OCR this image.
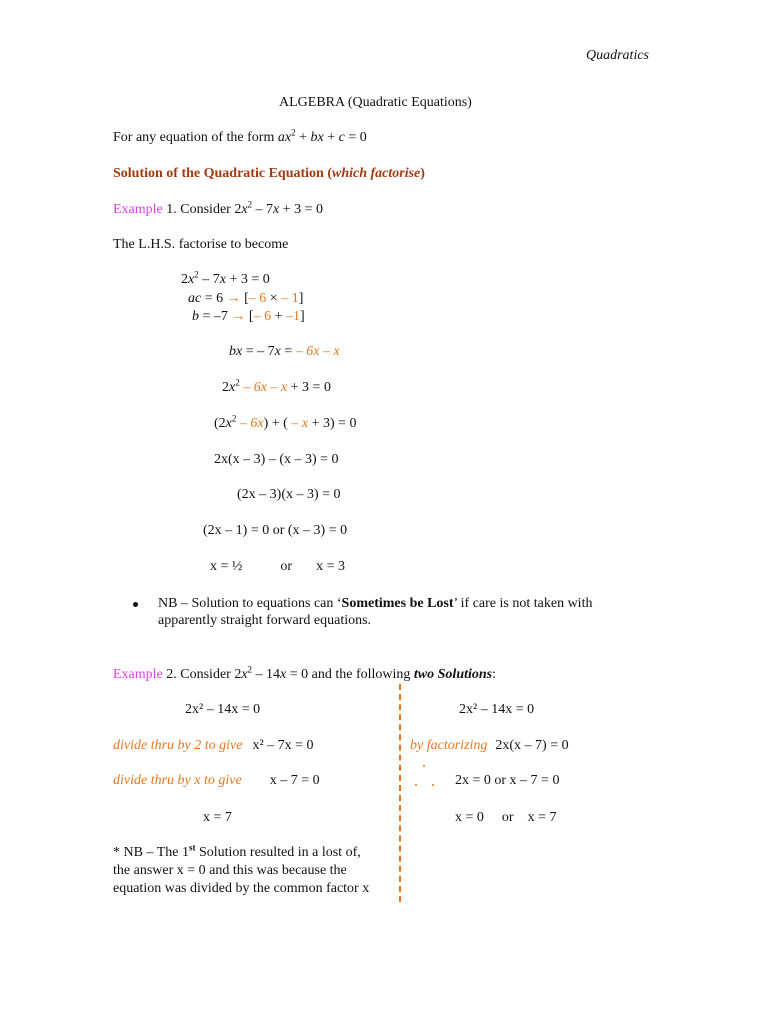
Quadratics
ALGEBRA (Quadratic Equations)
For any equation of the form $ax^2$ + bx + c = 0
Solution of the Quadratic Equation (which factorise)
Example 1. Consider $2x^2 - 7x + 3 = 0$
The L.H.S. factorise to become
$2x^2 - 7x + 3 = 0$
ac = 6 → [– 6 × – 1]
b = –7 → [– 6 + –1]
bx = – 7x = – 6x – x
$2x^2 - 6x - x + 3 = 0$
$(2x^2 - 6x)$ + ( – x + 3) = 0
2x(x – 3) – (x – 3) = 0
(2x – 3)(x – 3) = 0
(2x – 1) = 0 or (x – 3) = 0
x = ½	or x = 3
NB – Solution to equations can ‘Sometimes be Lost’ if care is not taken with
apparently straight forward equations.
Example 2. Consider $2x^2 - 14x = 0$ and the following two Solutions:
2x² – 14x = 0
divide thru by 2 to give x² – 7x = 0
divide thru by x to give x – 7 = 0
x = 7
2x² – 14x = 0
by factorizing 2x(x – 7) = 0
2x = 0 or x – 7 = 0
x = 0 or x = 7
* NB – The 1st Solution resulted in a lost of,
the answer x = 0 and this was because the
equation was divided by the common factor x
